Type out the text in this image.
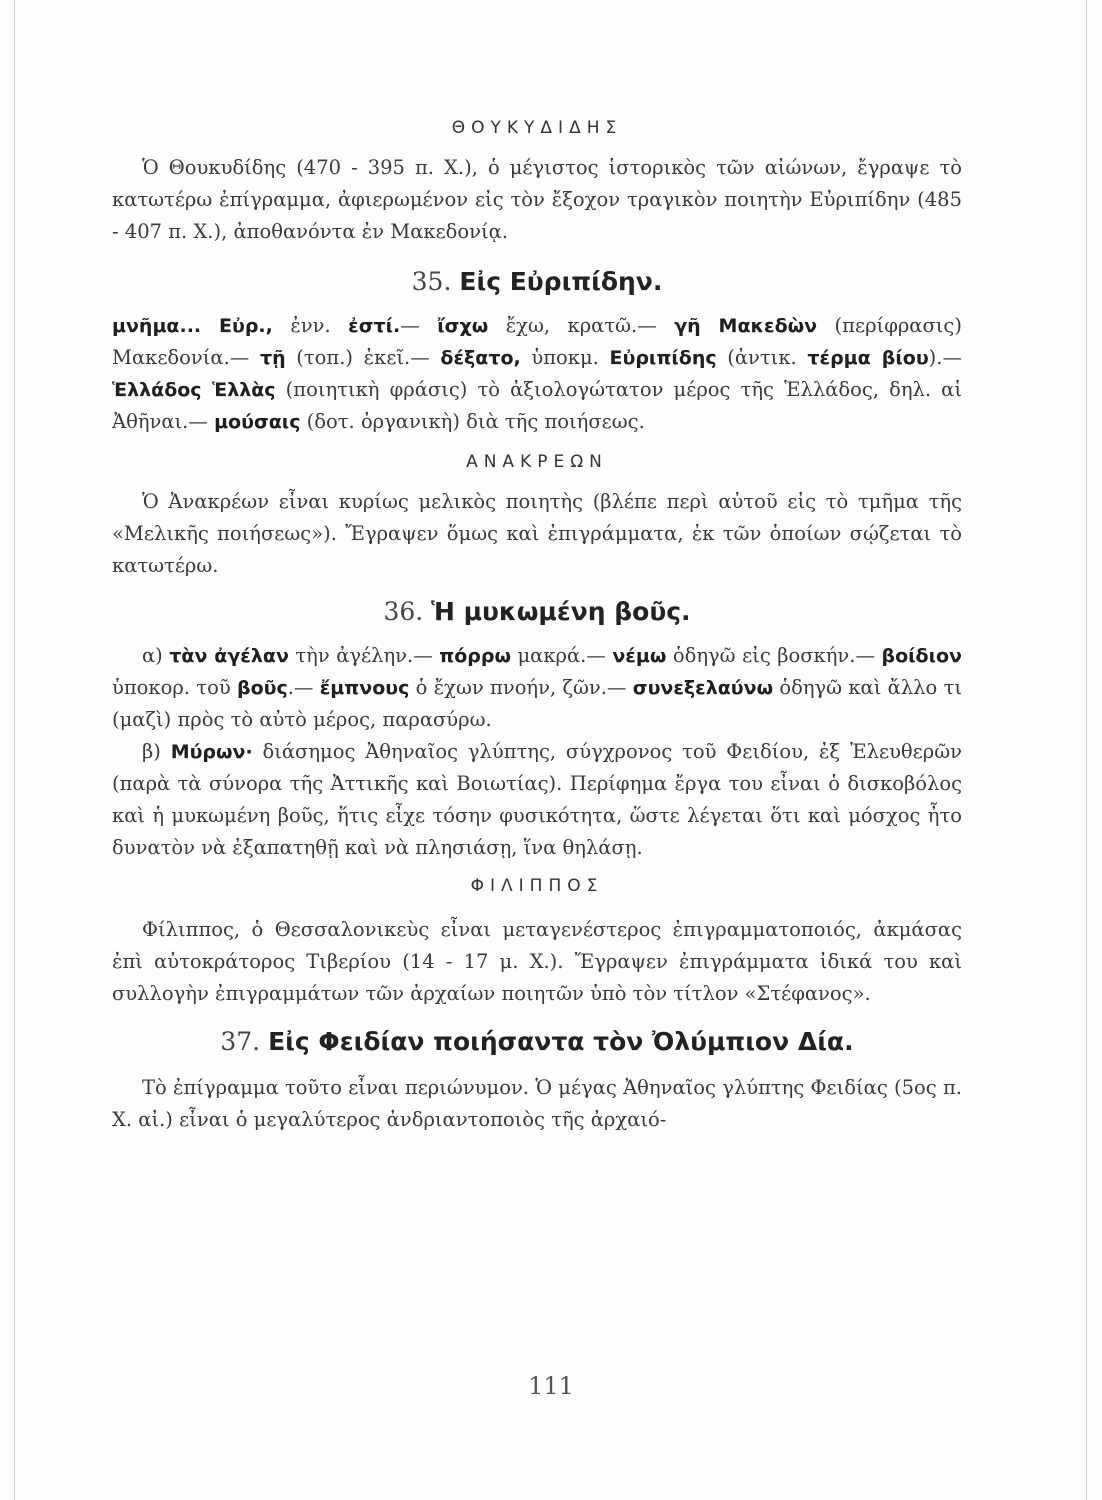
ΘΟΥΚΥΔΙΔΗΣ

Ὁ Θουκυδίδης (470 - 395 π. Χ.), ὁ μέγιστος ἱστορικὸς τῶν αἰώνων, ἔγραψε τὸ κατωτέρω ἐπίγραμμα, ἀφιερωμένον εἰς τὸν ἔξοχον τραγικὸν ποιητὴν Εὐριπίδην (485 - 407 π. Χ.), ἀποθανόντα ἐν Μακεδονίᾳ.

35. Εἰς Εὐριπίδην.

μνῆμα... Εὐρ., ἐνν. ἐστί.— ἴσχω ἔχω, κρατῶ.— γῆ Μακεδὼν (περίφρασις) Μακεδονία.— τῇ (τοπ.) ἐκεῖ.— δέξατο, ὑποκμ. Εὐριπίδης (ἀντικ. τέρμα βίου).— Ἑλλάδος Ἑλλὰς (ποιητικὴ φράσις) τὸ ἀξιολογώτατον μέρος τῆς Ἑλλάδος, δηλ. αἱ Ἀθῆναι.— μούσαις (δοτ. ὀργανικὴ) διὰ τῆς ποιήσεως.

ΑΝΑΚΡΕΩΝ

Ὁ Ἀνακρέων εἶναι κυρίως μελικὸς ποιητὴς (βλέπε περὶ αὐτοῦ εἰς τὸ τμῆμα τῆς «Μελικῆς ποιήσεως»). Ἔγραψεν ὅμως καὶ ἐπιγράμματα, ἐκ τῶν ὁποίων σῴζεται τὸ κατωτέρω.

36. Ἡ μυκωμένη βοῦς.

α) τὰν ἀγέλαν τὴν ἀγέλην.— πόρρω μακρά.— νέμω ὁδηγῶ εἰς βοσκήν.— βοίδιον ὑποκορ. τοῦ βοῦς.— ἔμπνους ὁ ἔχων πνοήν, ζῶν.— συνεξελαύνω ὁδηγῶ καὶ ἄλλο τι (μαζὶ) πρὸς τὸ αὐτὸ μέρος, παρασύρω.

β) Μύρων· διάσημος Ἀθηναῖος γλύπτης, σύγχρονος τοῦ Φειδίου, ἐξ Ἐλευθερῶν (παρὰ τὰ σύνορα τῆς Ἀττικῆς καὶ Βοιωτίας). Περίφημα ἔργα του εἶναι ὁ δισκοβόλος καὶ ἡ μυκωμένη βοῦς, ἥτις εἶχε τόσην φυσικότητα, ὥστε λέγεται ὅτι καὶ μόσχος ἦτο δυνατὸν νὰ ἐξαπατηθῇ καὶ νὰ πλησιάσῃ, ἵνα θηλάσῃ.

ΦΙΛΙΠΠΟΣ

Φίλιππος, ὁ Θεσσαλονικεὺς εἶναι μεταγενέστερος ἐπιγραμματοποιός, ἀκμάσας ἐπὶ αὐτοκράτορος Τιβερίου (14 - 17 μ. Χ.). Ἔγραψεν ἐπιγράμματα ἰδικά του καὶ συλλογὴν ἐπιγραμμάτων τῶν ἀρχαίων ποιητῶν ὑπὸ τὸν τίτλον «Στέφανος».

37. Εἰς Φειδίαν ποιήσαντα τὸν Ὀλύμπιον Δία.

Τὸ ἐπίγραμμα τοῦτο εἶναι περιώνυμον. Ὁ μέγας Ἀθηναῖος γλύπτης Φειδίας (5ος π. Χ. αἰ.) εἶναι ὁ μεγαλύτερος ἀνδριαντοποιὸς τῆς ἀρχαιό-

111
